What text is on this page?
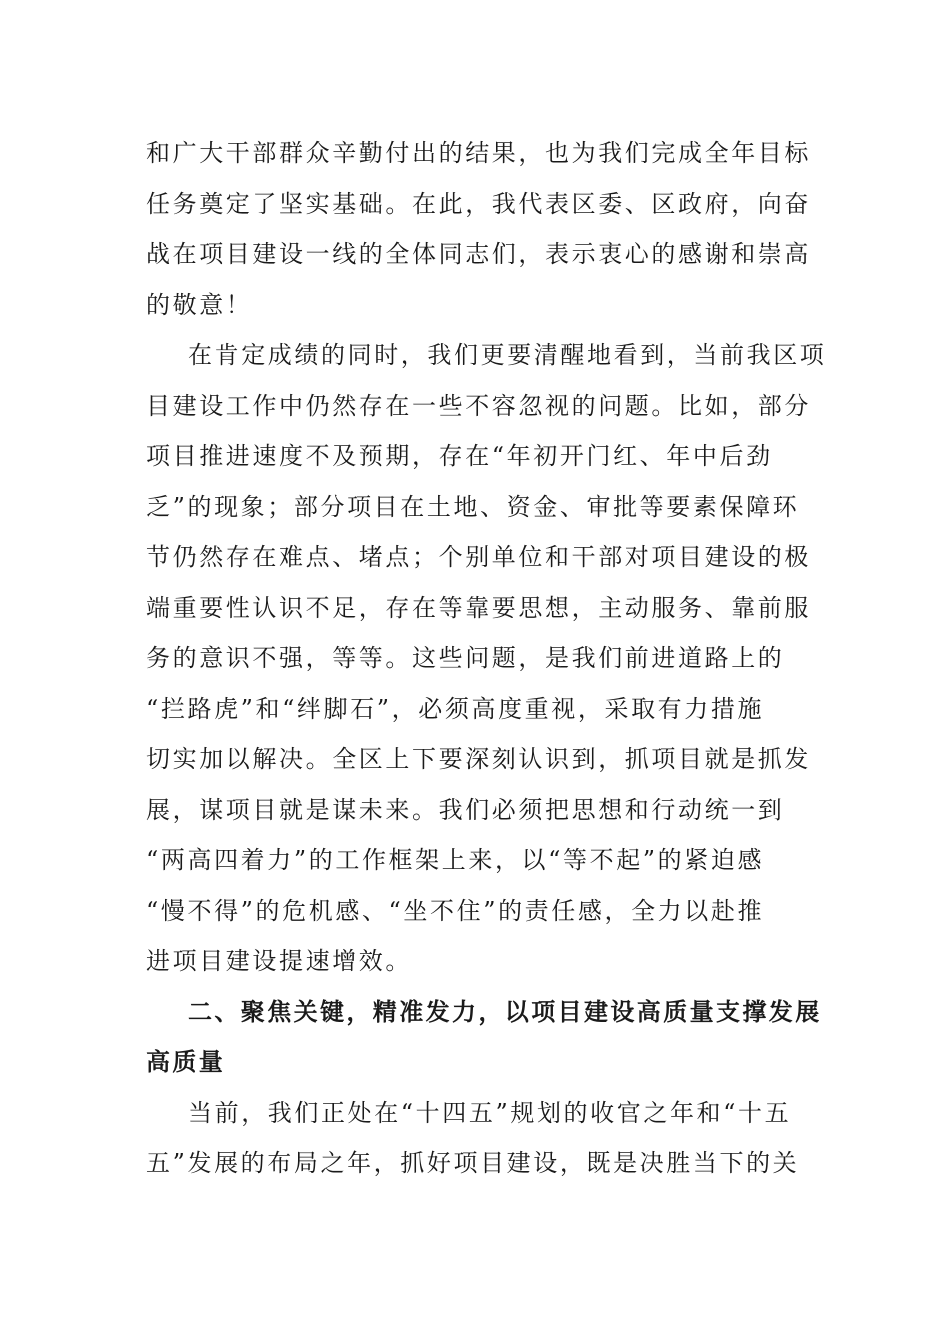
和广大干部群众辛勤付出的结果，也为我们完成全年目标
任务奠定了坚实基础。在此，我代表区委、区政府，向奋
战在项目建设一线的全体同志们，表示衷心的感谢和崇高
的敬意！

在肯定成绩的同时，我们更要清醒地看到，当前我区项
目建设工作中仍然存在一些不容忽视的问题。比如，部分
项目推进速度不及预期，存在“年初开门红、年中后劲
乏”的现象；部分项目在土地、资金、审批等要素保障环
节仍然存在难点、堵点；个别单位和干部对项目建设的极
端重要性认识不足，存在等靠要思想，主动服务、靠前服
务的意识不强，等等。这些问题，是我们前进道路上的
“拦路虎”和“绊脚石”，必须高度重视，采取有力措施
切实加以解决。全区上下要深刻认识到，抓项目就是抓发
展，谋项目就是谋未来。我们必须把思想和行动统一到
“两高四着力”的工作框架上来，以“等不起”的紧迫感
“慢不得”的危机感、“坐不住”的责任感，全力以赴推
进项目建设提速增效。

二、聚焦关键，精准发力，以项目建设高质量支撑发展
高质量

当前，我们正处在“十四五”规划的收官之年和“十五
五”发展的布局之年，抓好项目建设，既是决胜当下的关
